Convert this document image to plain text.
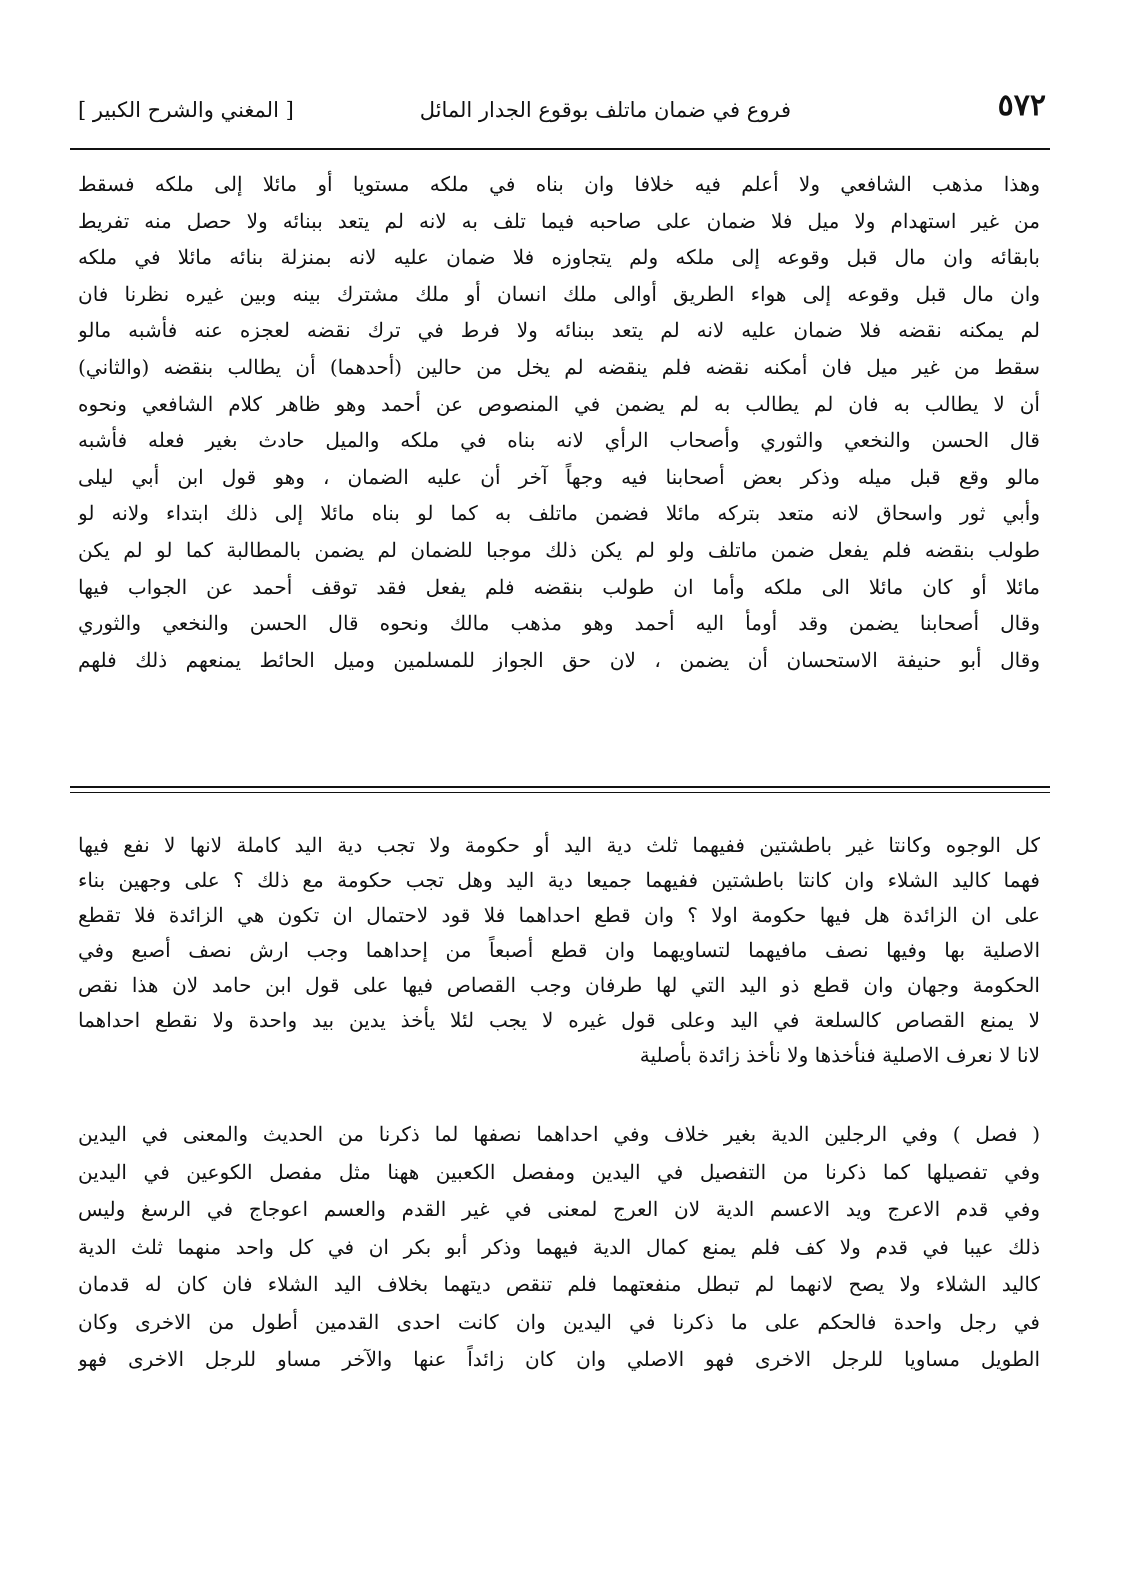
٥٧٢
فروع في ضمان ماتلف بوقوع الجدار المائل
[ المغني والشرح الكبير ]
وهذا مذهب الشافعي ولا أعلم فيه خلافا وان بناه في ملكه مستويا أو مائلا إلى ملكه فسقط
من غير استهدام ولا ميل فلا ضمان على صاحبه فيما تلف به لانه لم يتعد ببنائه ولا حصل منه تفريط
بابقائه وان مال قبل وقوعه إلى ملكه ولم يتجاوزه فلا ضمان عليه لانه بمنزلة بنائه مائلا في ملكه
وان مال قبل وقوعه إلى هواء الطريق أوالى ملك انسان أو ملك مشترك بينه وبين غيره نظرنا فان
لم يمكنه نقضه فلا ضمان عليه لانه لم يتعد ببنائه ولا فرط في ترك نقضه لعجزه عنه فأشبه مالو
سقط من غير ميل فان أمكنه نقضه فلم ينقضه لم يخل من حالين (أحدهما) أن يطالب بنقضه (والثاني)
أن لا يطالب به فان لم يطالب به لم يضمن في المنصوص عن أحمد وهو ظاهر كلام الشافعي ونحوه
قال الحسن والنخعي والثوري وأصحاب الرأي لانه بناه في ملكه والميل حادث بغير فعله فأشبه
مالو وقع قبل ميله وذكر بعض أصحابنا فيه وجهاً آخر أن عليه الضمان ، وهو قول ابن أبي ليلى
وأبي ثور واسحاق لانه متعد بتركه مائلا فضمن ماتلف به كما لو بناه مائلا إلى ذلك ابتداء ولانه لو
طولب بنقضه فلم يفعل ضمن ماتلف ولو لم يكن ذلك موجبا للضمان لم يضمن بالمطالبة كما لو لم يكن
مائلا أو كان مائلا الى ملكه وأما ان طولب بنقضه فلم يفعل فقد توقف أحمد عن الجواب فيها
وقال أصحابنا يضمن وقد أومأ اليه أحمد وهو مذهب مالك ونحوه قال الحسن والنخعي والثوري
وقال أبو حنيفة الاستحسان أن يضمن ، لان حق الجواز للمسلمين وميل الحائط يمنعهم ذلك فلهم
كل الوجوه وكانتا غير باطشتين ففيهما ثلث دية اليد أو حكومة ولا تجب دية اليد كاملة لانها لا نفع فيها
فهما كاليد الشلاء وان كانتا باطشتين ففيهما جميعا دية اليد وهل تجب حكومة مع ذلك ؟ على وجهين بناء
على ان الزائدة هل فيها حكومة اولا ؟ وان قطع احداهما فلا قود لاحتمال ان تكون هي الزائدة فلا تقطع
الاصلية بها وفيها نصف مافيهما لتساويهما وان قطع أصبعاً من إحداهما وجب ارش نصف أصبع وفي
الحكومة وجهان وان قطع ذو اليد التي لها طرفان وجب القصاص فيها على قول ابن حامد لان هذا نقص
لا يمنع القصاص كالسلعة في اليد وعلى قول غيره لا يجب لئلا يأخذ يدين بيد واحدة ولا نقطع احداهما
لانا لا نعرف الاصلية فنأخذها ولا نأخذ زائدة بأصلية
( فصل ) وفي الرجلين الدية بغير خلاف وفي احداهما نصفها لما ذكرنا من الحديث والمعنى في اليدين
وفي تفصيلها كما ذكرنا من التفصيل في اليدين ومفصل الكعبين ههنا مثل مفصل الكوعين في اليدين
وفي قدم الاعرج ويد الاعسم الدية لان العرج لمعنى في غير القدم والعسم اعوجاج في الرسغ وليس
ذلك عيبا في قدم ولا كف فلم يمنع كمال الدية فيهما وذكر أبو بكر ان في كل واحد منهما ثلث الدية
كاليد الشلاء ولا يصح لانهما لم تبطل منفعتهما فلم تنقص ديتهما بخلاف اليد الشلاء فان كان له قدمان
في رجل واحدة فالحكم على ما ذكرنا في اليدين وان كانت احدى القدمين أطول من الاخرى وكان
الطويل مساويا للرجل الاخرى فهو الاصلي وان كان زائداً عنها والآخر مساو للرجل الاخرى فهو
